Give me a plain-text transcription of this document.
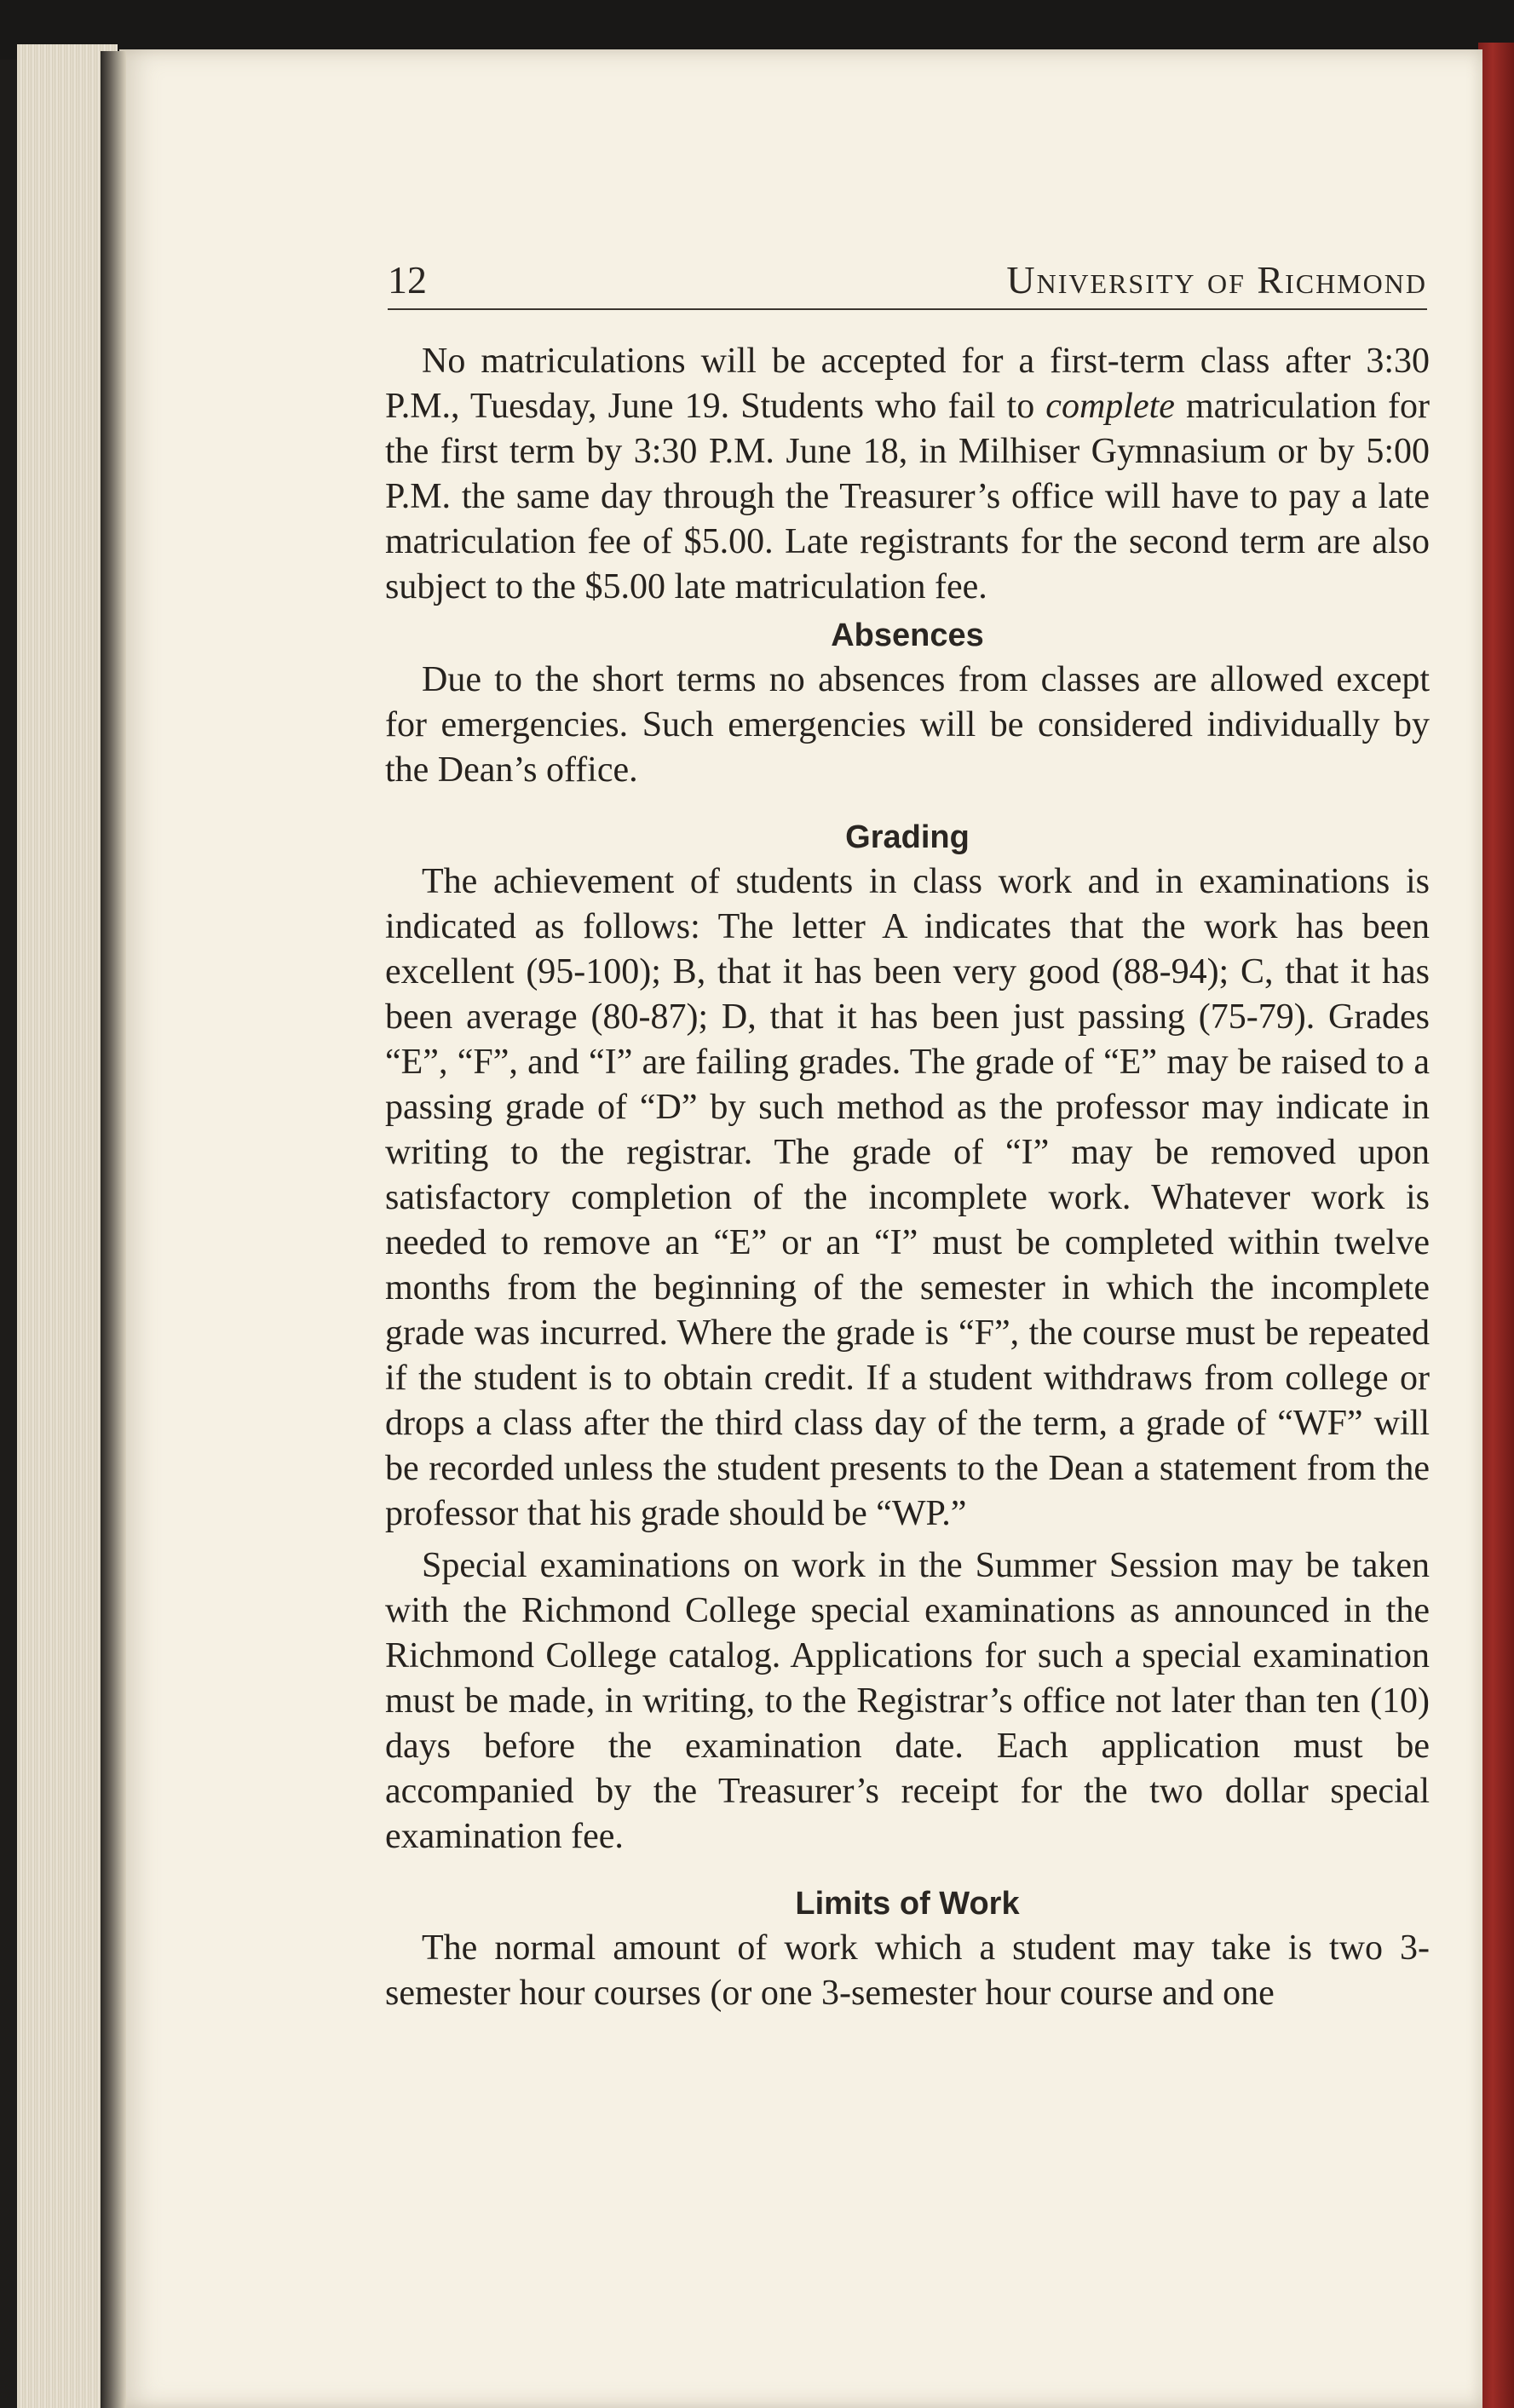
12	University of Richmond

No matriculations will be accepted for a first-term class after 3:30 P.M., Tuesday, June 19. Students who fail to complete matriculation for the first term by 3:30 P.M. June 18, in Milhiser Gymnasium or by 5:00 P.M. the same day through the Treasurer’s office will have to pay a late matriculation fee of $5.00. Late registrants for the second term are also subject to the $5.00 late matriculation fee.

Absences

Due to the short terms no absences from classes are allowed except for emergencies. Such emergencies will be considered individually by the Dean’s office.

Grading

The achievement of students in class work and in examinations is indicated as follows: The letter A indicates that the work has been excellent (95-100); B, that it has been very good (88-94); C, that it has been average (80-87); D, that it has been just passing (75-79). Grades “E”, “F”, and “I” are failing grades. The grade of “E” may be raised to a passing grade of “D” by such method as the professor may indicate in writing to the registrar. The grade of “I” may be removed upon satisfactory completion of the incomplete work. Whatever work is needed to remove an “E” or an “I” must be completed within twelve months from the beginning of the semester in which the incomplete grade was incurred. Where the grade is “F”, the course must be repeated if the student is to obtain credit. If a student withdraws from college or drops a class after the third class day of the term, a grade of “WF” will be recorded unless the student presents to the Dean a statement from the professor that his grade should be “WP.”

Special examinations on work in the Summer Session may be taken with the Richmond College special examinations as announced in the Richmond College catalog. Applications for such a special examination must be made, in writing, to the Registrar’s office not later than ten (10) days before the examination date. Each application must be accompanied by the Treasurer’s receipt for the two dollar special examination fee.

Limits of Work

The normal amount of work which a student may take is two 3-semester hour courses (or one 3-semester hour course and one
